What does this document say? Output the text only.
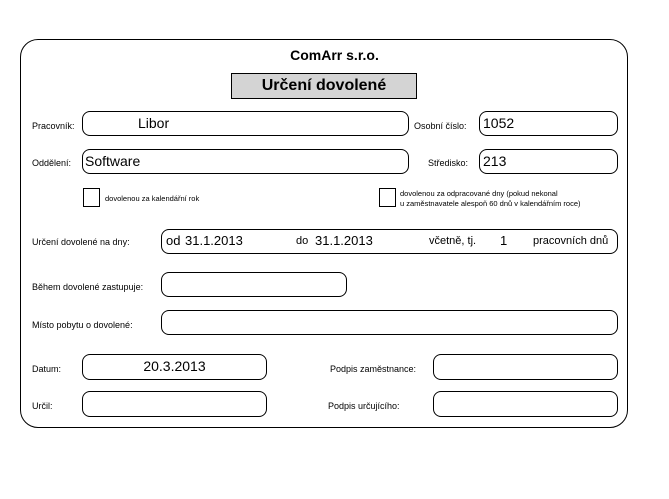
ComArr s.r.o.
Určení dovolené
Pracovník:	Libor	Osobní číslo: 1052
Oddělení: Software	Středisko: 213
dovolenou za kalendářní rok
dovolenou za odpracované dny (pokud nekonal
u zaměstnavatele alespoň 60 dnů v kalendářním roce)
Určení dovolené na dny:	od 31.1.2013	do 31.1.2013	včetně, tj. 1 pracovních dnů
Během dovolené zastupuje:
Místo pobytu o dovolené:
Datum:	20.3.2013	Podpis zaměstnance:
Určil:	Podpis určujícího:
